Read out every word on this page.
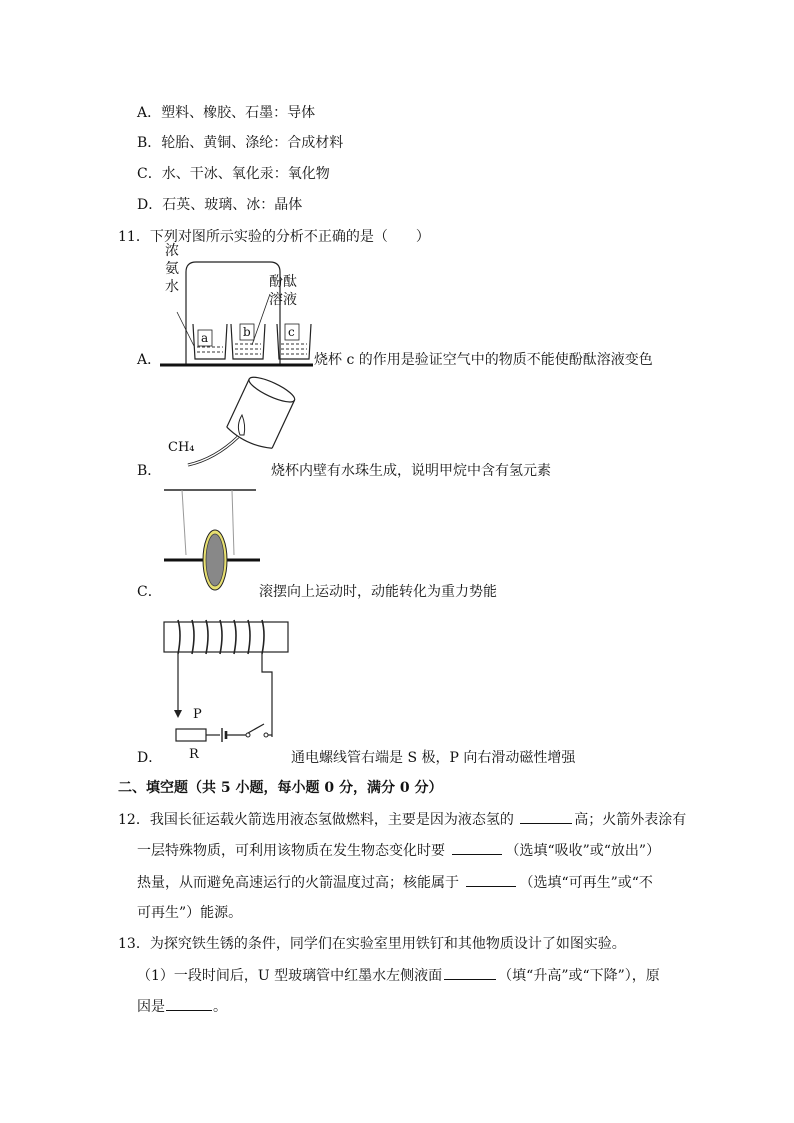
A．塑料、橡胶、石墨：导体
B．轮胎、黄铜、涤纶：合成材料
C．水、干冰、氧化汞：氧化物
D．石英、玻璃、冰：晶体
11．下列对图所示实验的分析不正确的是（　　）
A．
浓
氨
水	酚酞
溶液
a	b	c
烧杯 c 的作用是验证空气中的物质不能使酚酞溶液变色
B．
CH₄
烧杯内壁有水珠生成，说明甲烷中含有氢元素
C．	滚摆向上运动时，动能转化为重力势能
D．
P
R	通电螺线管右端是 S 极，P 向右滑动磁性增强
二、填空题（共 5 小题，每小题 0 分，满分 0 分）
12．我国长征运载火箭选用液态氢做燃料，主要是因为液态氢的	高；火箭外表涂有
一层特殊物质，可利用该物质在发生物态变化时要	（选填“吸收”或“放出”）
热量，从而避免高速运行的火箭温度过高；核能属于	（选填“可再生”或“不
可再生”）能源。
13．为探究铁生锈的条件，同学们在实验室里用铁钉和其他物质设计了如图实验。
（1）一段时间后，U 型玻璃管中红墨水左侧液面	（填“升高”或“下降”），原
因是	。
